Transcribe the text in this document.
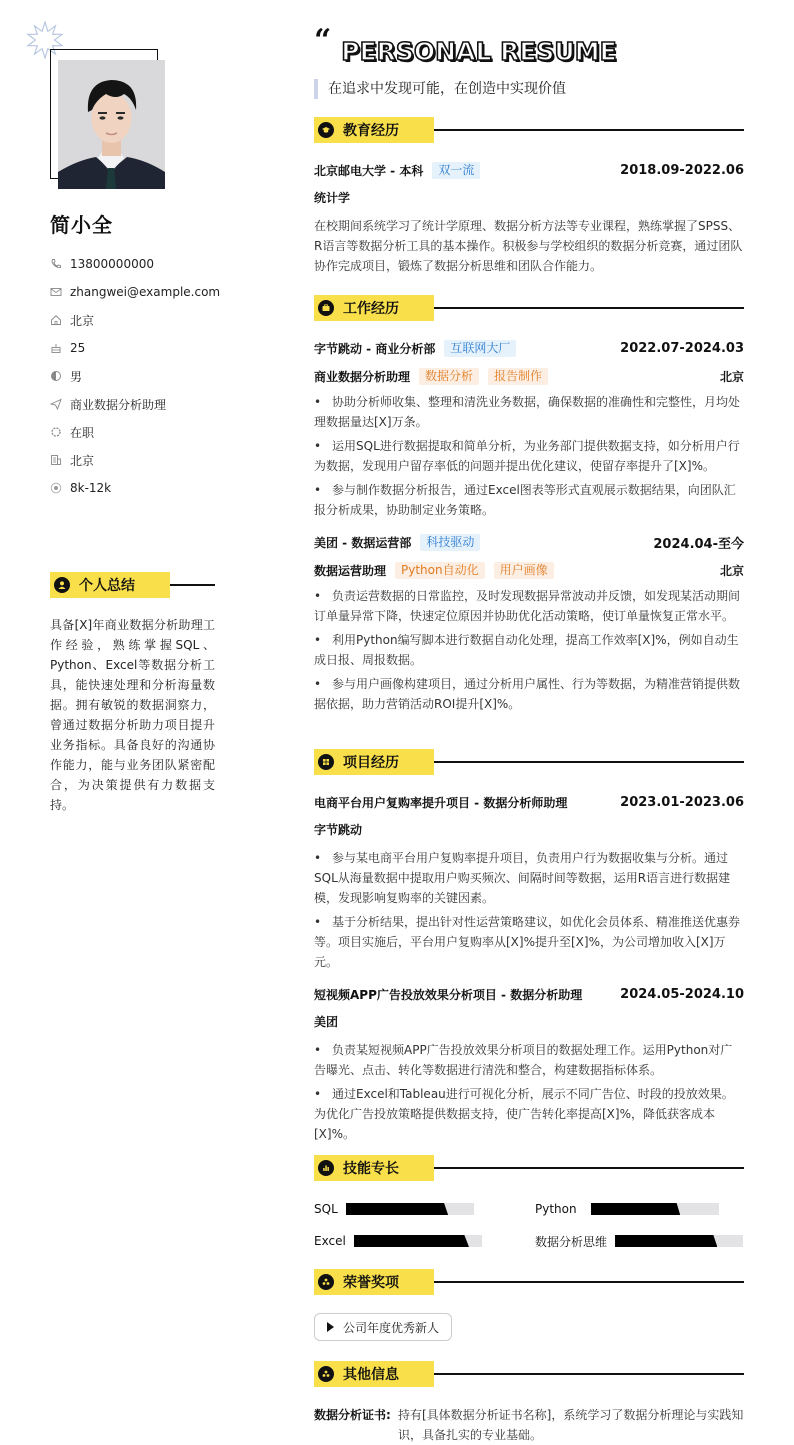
简小全
13800000000
zhangwei@example.com
北京
25
男
商业数据分析助理
在职
北京
8k-12k
个人总结

具备[X]年商业数据分析助理工作经验，熟练掌握SQL、Python、Excel等数据分析工具，能快速处理和分析海量数据。拥有敏锐的数据洞察力，曾通过数据分析助力项目提升业务指标。具备良好的沟通协作能力，能与业务团队紧密配合，为决策提供有力数据支持。

“ PERSONAL RESUME
在追求中发现可能，在创造中实现价值
教育经历
北京邮电大学 - 本科	双一流	2018.09-2022.06
统计学

在校期间系统学习了统计学原理、数据分析方法等专业课程，熟练掌握了SPSS、R语言等数据分析工具的基本操作。积极参与学校组织的数据分析竞赛，通过团队协作完成项目，锻炼了数据分析思维和团队合作能力。

工作经历
字节跳动 - 商业分析部	互联网大厂	2022.07-2024.03
商业数据分析助理	数据分析	报告制作	北京
• 协助分析师收集、整理和清洗业务数据，确保数据的准确性和完整性，月均处理数据量达[X]万条。
• 运用SQL进行数据提取和简单分析，为业务部门提供数据支持，如分析用户行为数据，发现用户留存率低的问题并提出优化建议，使留存率提升了[X]%。
• 参与制作数据分析报告，通过Excel图表等形式直观展示数据结果，向团队汇报分析成果，协助制定业务策略。
美团 - 数据运营部	科技驱动	2024.04-至今
数据运营助理	Python自动化	用户画像	北京
• 负责运营数据的日常监控，及时发现数据异常波动并反馈，如发现某活动期间订单量异常下降，快速定位原因并协助优化活动策略，使订单量恢复正常水平。
• 利用Python编写脚本进行数据自动化处理，提高工作效率[X]%，例如自动生成日报、周报数据。
• 参与用户画像构建项目，通过分析用户属性、行为等数据，为精准营销提供数据依据，助力营销活动ROI提升[X]%。
项目经历
电商平台用户复购率提升项目 - 数据分析师助理	2023.01-2023.06
字节跳动
• 参与某电商平台用户复购率提升项目，负责用户行为数据收集与分析。通过SQL从海量数据中提取用户购买频次、间隔时间等数据，运用R语言进行数据建模，发现影响复购率的关键因素。
• 基于分析结果，提出针对性运营策略建议，如优化会员体系、精准推送优惠券等。项目实施后，平台用户复购率从[X]%提升至[X]%，为公司增加收入[X]万元。
短视频APP广告投放效果分析项目 - 数据分析助理	2024.05-2024.10
美团
• 负责某短视频APP广告投放效果分析项目的数据处理工作。运用Python对广告曝光、点击、转化等数据进行清洗和整合，构建数据指标体系。
• 通过Excel和Tableau进行可视化分析，展示不同广告位、时段的投放效果。为优化广告投放策略提供数据支持，使广告转化率提高[X]%，降低获客成本[X]%。
技能专长
SQL	Python
Excel	数据分析思维
荣誉奖项
公司年度优秀新人
其他信息
数据分析证书: 持有[具体数据分析证书名称]，系统学习了数据分析理论与实践知识，具备扎实的专业基础。
